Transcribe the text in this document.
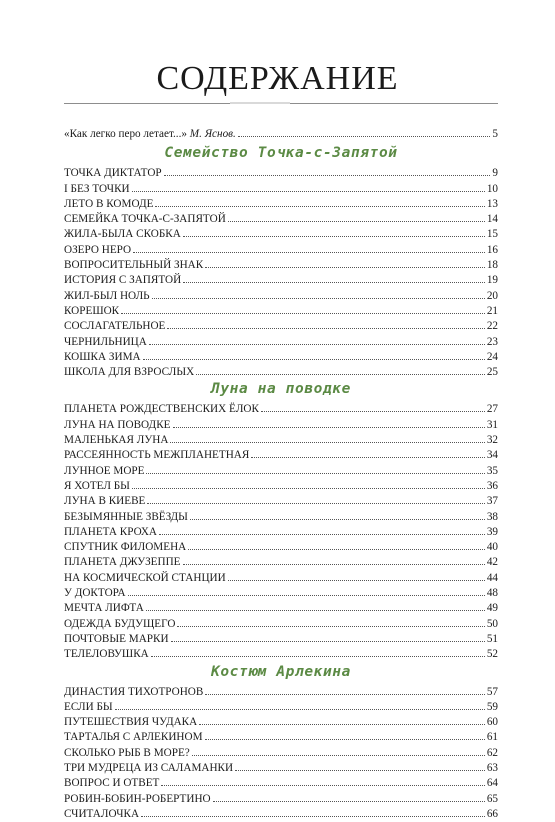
СОДЕРЖАНИЕ
«Как легко перо летает...» М. Яснов.	5
Семейство Точка-с-Запятой
ТОЧКА ДИКТАТОР	9
I БЕЗ ТОЧКИ	10
ЛЕТО В КОМОДЕ	13
СЕМЕЙКА ТОЧКА-С-ЗАПЯТОЙ	14
ЖИЛА-БЫЛА СКОБКА	15
ОЗЕРО НЕРО	16
ВОПРОСИТЕЛЬНЫЙ ЗНАК	18
ИСТОРИЯ С ЗАПЯТОЙ	19
ЖИЛ-БЫЛ НОЛЬ	20
КОРЕШОК	21
СОСЛАГАТЕЛЬНОЕ	22
ЧЕРНИЛЬНИЦА	23
КОШКА ЗИМА	24
ШКОЛА ДЛЯ ВЗРОСЛЫХ	25
Луна на поводке
ПЛАНЕТА РОЖДЕСТВЕНСКИХ ЁЛОК	27
ЛУНА НА ПОВОДКЕ	31
МАЛЕНЬКАЯ ЛУНА	32
РАССЕЯННОСТЬ МЕЖПЛАНЕТНАЯ	34
ЛУННОЕ МОРЕ	35
Я ХОТЕЛ БЫ	36
ЛУНА В КИЕВЕ	37
БЕЗЫМЯННЫЕ ЗВЁЗДЫ	38
ПЛАНЕТА КРОХА	39
СПУТНИК ФИЛОМЕНА	40
ПЛАНЕТА ДЖУЗЕППЕ	42
НА КОСМИЧЕСКОЙ СТАНЦИИ	44
У ДОКТОРА	48
МЕЧТА ЛИФТА	49
ОДЕЖДА БУДУЩЕГО	50
ПОЧТОВЫЕ МАРКИ	51
ТЕЛЕЛОВУШКА	52
Костюм Арлекина
ДИНАСТИЯ ТИХОТРОНОВ	57
ЕСЛИ БЫ	59
ПУТЕШЕСТВИЯ ЧУДАКА	60
ТАРТАЛЬЯ С АРЛЕКИНОМ	61
СКОЛЬКО РЫБ В МОРЕ?	62
ТРИ МУДРЕЦА ИЗ САЛАМАНКИ	63
ВОПРОС И ОТВЕТ	64
РОБИН-БОБИН-РОБЕРТИНО	65
СЧИТАЛОЧКА	66
